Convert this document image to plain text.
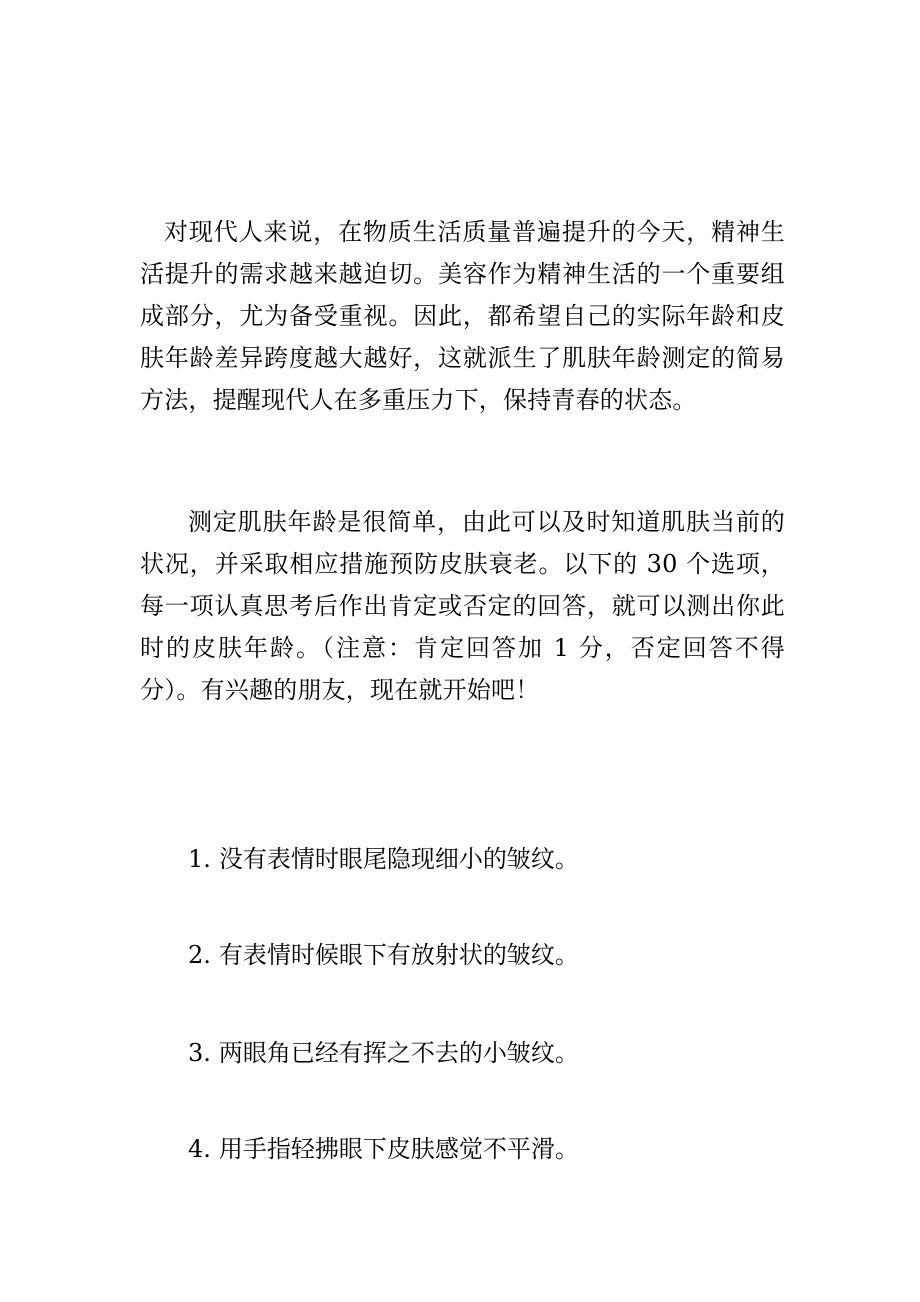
对现代人来说，在物质生活质量普遍提升的今天，精神生活提升的需求越来越迫切。美容作为精神生活的一个重要组成部分，尤为备受重视。因此，都希望自己的实际年龄和皮肤年龄差异跨度越大越好，这就派生了肌肤年龄测定的简易方法，提醒现代人在多重压力下，保持青春的状态。

测定肌肤年龄是很简单，由此可以及时知道肌肤当前的状况，并采取相应措施预防皮肤衰老。以下的 30 个选项，每一项认真思考后作出肯定或否定的回答，就可以测出你此时的皮肤年龄。（注意：肯定回答加 1 分，否定回答不得分）。有兴趣的朋友，现在就开始吧！

1. 没有表情时眼尾隐现细小的皱纹。
2. 有表情时候眼下有放射状的皱纹。
3. 两眼角已经有挥之不去的小皱纹。
4. 用手指轻拂眼下皮肤感觉不平滑。
